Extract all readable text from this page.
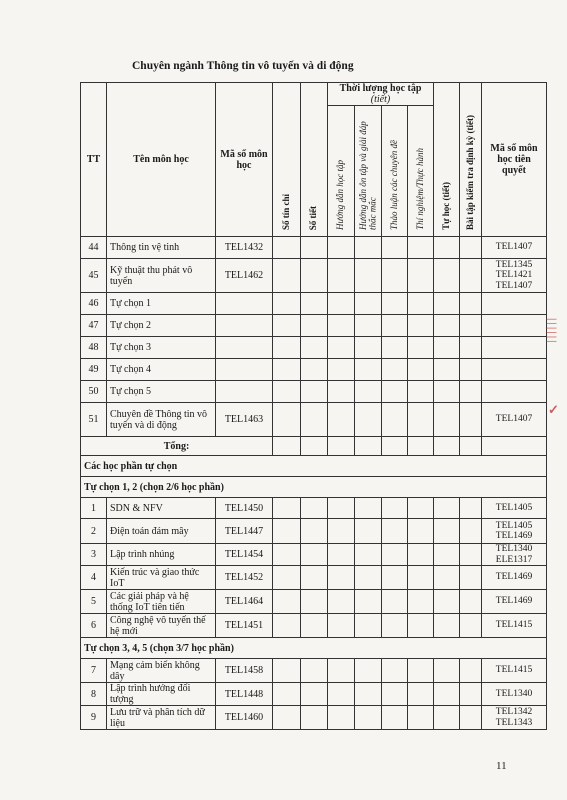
Chuyên ngành Thông tin vô tuyến và di động
TT	Tên môn học	Mã số môn học	Số tín chỉ	Số tiết	Thời lượng học tập
(tiết)				Tự học (tiết)	Bài tập kiểm tra định kỳ (tiết)	Mã số môn học tiên quyết

					Hướng dẫn học tập	Hướng dẫn ôn tập và giải đáp thắc mắc	Thảo luận các chuyên đề	Thí nghiệm/Thực hành			

44	Thông tin vệ tinh	TEL1432									TEL1407

45	Kỹ thuật thu phát vô tuyến	TEL1462									TEL1345
TEL1421
TEL1407

46	Tự chọn 1										
47	Tự chọn 2										
48	Tự chọn 3										
49	Tự chọn 4										
50	Tự chọn 5										
51	Chuyên đề Thông tin vô tuyến và di động	TEL1463									TEL1407

Tổng:											
Các học phần tự chọn											
Tự chọn 1, 2 (chọn 2/6 học phần)											
1	SDN & NFV	TEL1450									TEL1405

2	Điện toán đám mây	TEL1447									TEL1405
TEL1469

3	Lập trình nhúng	TEL1454									TEL1340
ELE1317

4	Kiến trúc và giao thức IoT	TEL1452									TEL1469

5	Các giải pháp và hệ thống IoT tiên tiến	TEL1464									TEL1469

6	Công nghệ vô tuyến thế hệ mới	TEL1451									TEL1415

Tự chọn 3, 4, 5 (chọn 3/7 học phần)											
7	Mạng cảm biến không dây	TEL1458									TEL1415

8	Lập trình hướng đối tượng	TEL1448									TEL1340

9	Lưu trữ và phân tích dữ liệu	TEL1460									TEL1342
TEL1343
||||||
✓
11
